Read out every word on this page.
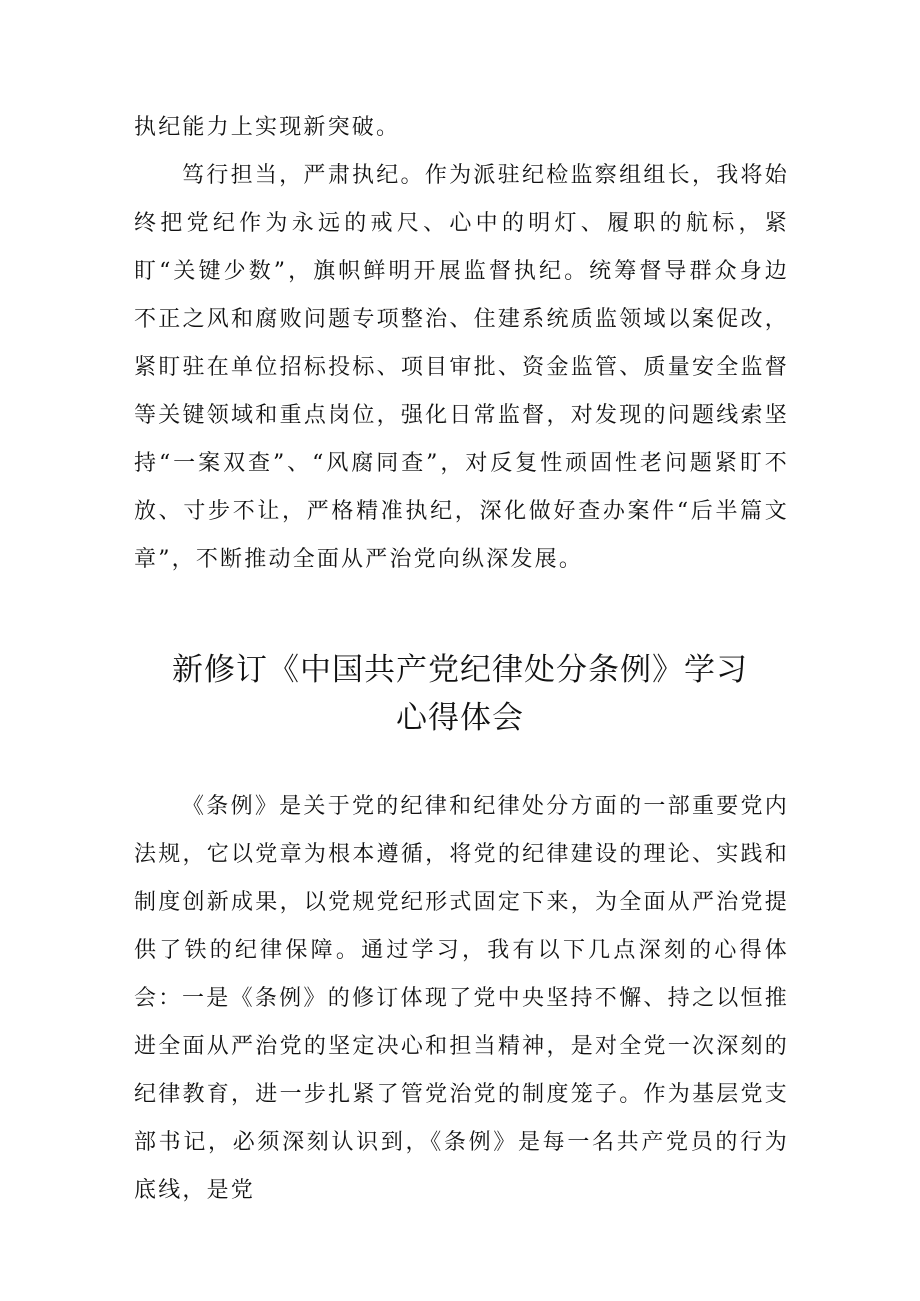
执纪能力上实现新突破。

笃行担当，严肃执纪。作为派驻纪检监察组组长，我将始终把党纪作为永远的戒尺、心中的明灯、履职的航标，紧盯“关键少数”，旗帜鲜明开展监督执纪。统筹督导群众身边不正之风和腐败问题专项整治、住建系统质监领域以案促改，紧盯驻在单位招标投标、项目审批、资金监管、质量安全监督等关键领域和重点岗位，强化日常监督，对发现的问题线索坚持“一案双查”、“风腐同查”，对反复性顽固性老问题紧盯不放、寸步不让，严格精准执纪，深化做好查办案件“后半篇文章”，不断推动全面从严治党向纵深发展。

新修订《中国共产党纪律处分条例》学习
心得体会

《条例》是关于党的纪律和纪律处分方面的一部重要党内法规，它以党章为根本遵循，将党的纪律建设的理论、实践和制度创新成果，以党规党纪形式固定下来，为全面从严治党提供了铁的纪律保障。通过学习，我有以下几点深刻的心得体会： 一是《条例》的修订体现了党中央坚持不懈、持之以恒推进全面从严治党的坚定决心和担当精神，是对全党一次深刻的纪律教育，进一步扎紧了管党治党的制度笼子。作为基层党支部书记，必须深刻认识到，《条例》是每一名共产党员的行为底线，是党
